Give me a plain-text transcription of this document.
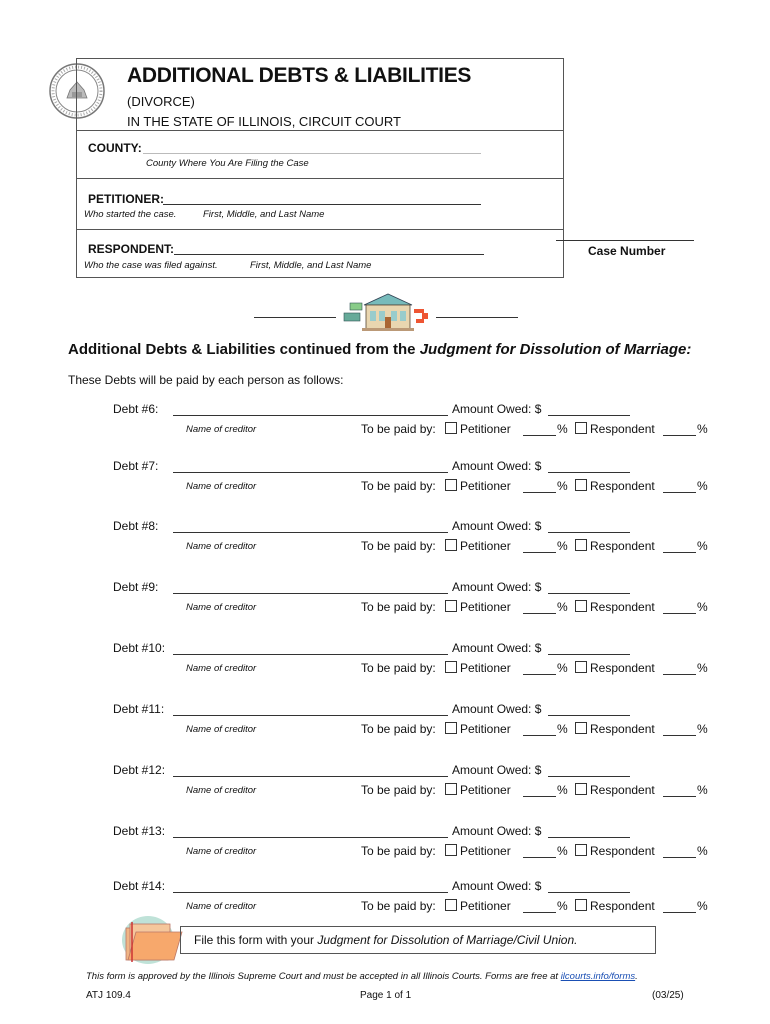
ADDITIONAL DEBTS & LIABILITIES
(DIVORCE)
IN THE STATE OF ILLINOIS, CIRCUIT COURT
COUNTY:
County Where You Are Filing the Case
PETITIONER:
Who started the case.	First, Middle, and Last Name
RESPONDENT:
Who the case was filed against.	First, Middle, and Last Name
Case Number
Additional Debts & Liabilities continued from the Judgment for Dissolution of Marriage:
These Debts will be paid by each person as follows:
Debt #6:	Amount Owed: $
Name of creditor	To be paid by: Petitioner	% Respondent	%
Debt #7:	Amount Owed: $
Name of creditor	To be paid by: Petitioner	% Respondent	%
Debt #8:	Amount Owed: $
Name of creditor	To be paid by: Petitioner	% Respondent	%
Debt #9:	Amount Owed: $
Name of creditor	To be paid by: Petitioner	% Respondent	%
Debt #10:	Amount Owed: $
Name of creditor	To be paid by: Petitioner	% Respondent	%
Debt #11:	Amount Owed: $
Name of creditor	To be paid by: Petitioner	% Respondent	%
Debt #12:	Amount Owed: $
Name of creditor	To be paid by: Petitioner	% Respondent	%
Debt #13:	Amount Owed: $
Name of creditor	To be paid by: Petitioner	% Respondent	%
Debt #14:	Amount Owed: $
Name of creditor	To be paid by: Petitioner	% Respondent	%
File this form with your Judgment for Dissolution of Marriage/Civil Union.
This form is approved by the Illinois Supreme Court and must be accepted in all Illinois Courts. Forms are free at ilcourts.info/forms.
ATJ 109.4	Page 1 of 1	(03/25)
